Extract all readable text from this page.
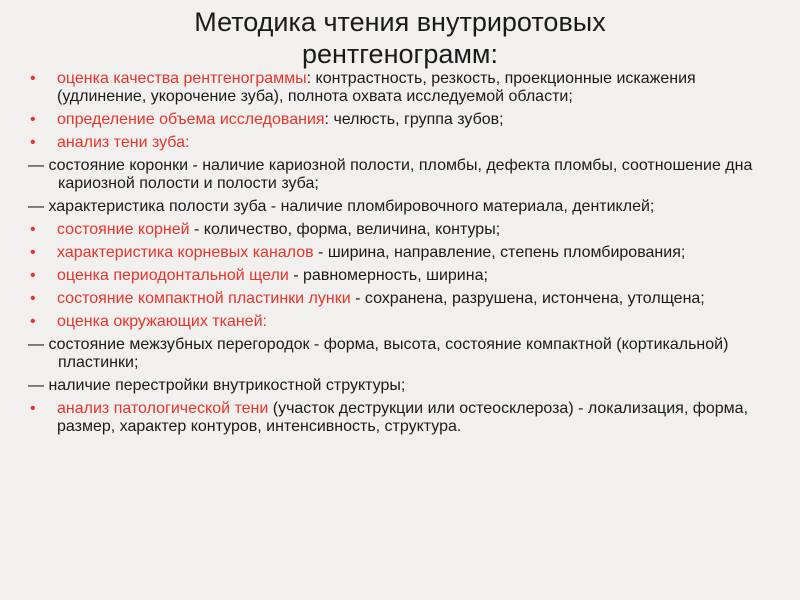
Методика чтения внутриротовых рентгенограмм:
• оценка качества рентгенограммы: контрастность, резкость, проекционные искажения (удлинение, укорочение зуба), полнота охвата исследуемой области;
• определение объема исследования: челюсть, группа зубов;
• анализ тени зуба:
— состояние коронки - наличие кариозной полости, пломбы, дефекта пломбы, соотношение дна кариозной полости и полости зуба;
— характеристика полости зуба - наличие пломбировочного материала, дентиклей;
• состояние корней - количество, форма, величина, контуры;
• характеристика корневых каналов - ширина, направление, степень пломбирования;
• оценка периодонтальной щели - равномерность, ширина;
• состояние компактной пластинки лунки - сохранена, разрушена, истончена, утолщена;
• оценка окружающих тканей:
— состояние межзубных перегородок - форма, высота, состояние компактной (кортикальной) пластинки;
— наличие перестройки внутрикостной структуры;
• анализ патологической тени (участок деструкции или остеосклероза) - локализация, форма, размер, характер контуров, интенсивность, структура.
